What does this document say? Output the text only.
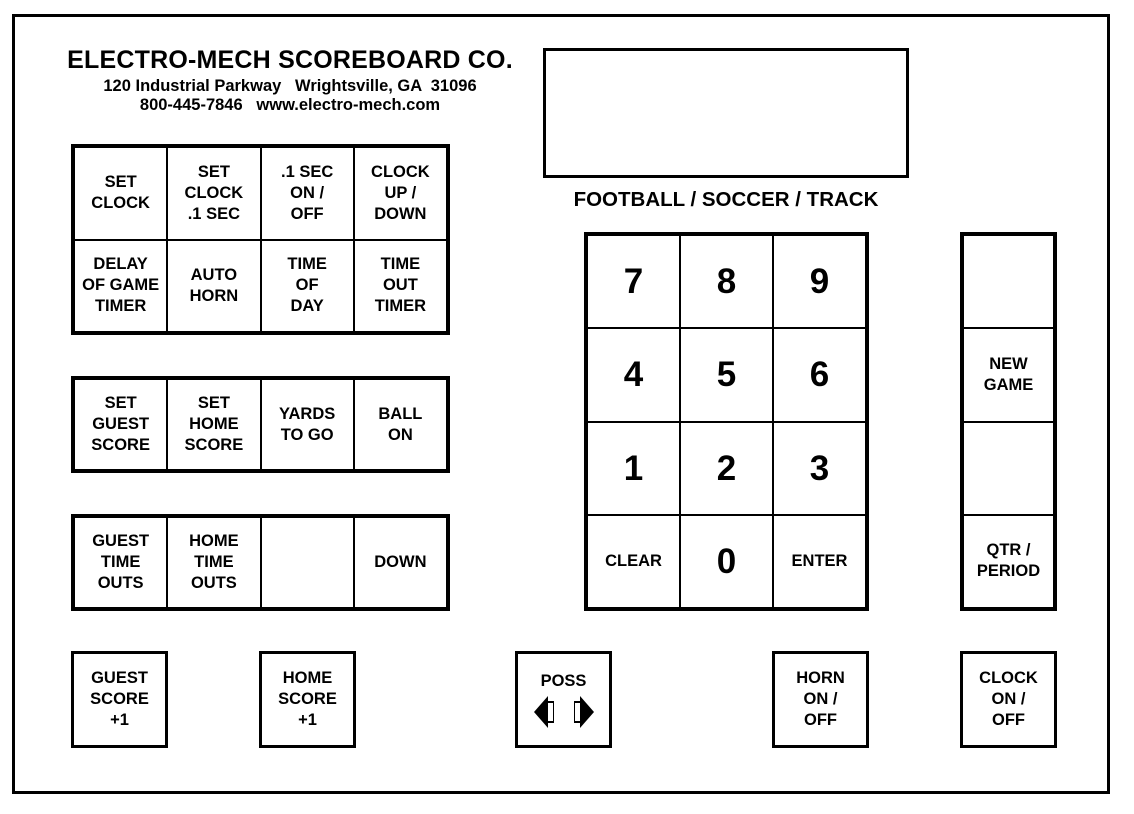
ELECTRO-MECH SCOREBOARD CO.
120 Industrial Parkway   Wrightsville, GA  31096
800-445-7846   www.electro-mech.com
FOOTBALL / SOCCER / TRACK
SET
CLOCK
SET
CLOCK
.1 SEC
.1 SEC
ON /
OFF
CLOCK
UP /
DOWN
DELAY
OF GAME
TIMER
AUTO
HORN
TIME
OF
DAY
TIME
OUT
TIMER
SET
GUEST
SCORE
SET
HOME
SCORE
YARDS
TO GO
BALL
ON
GUEST
TIME
OUTS
HOME
TIME
OUTS
DOWN
7	8	9
4	5	6
1	2	3
CLEAR	0	ENTER
NEW
GAME
QTR /
PERIOD
GUEST
SCORE
+1
HOME
SCORE
+1
POSS	HORN
ON /
OFF
CLOCK
ON /
OFF
